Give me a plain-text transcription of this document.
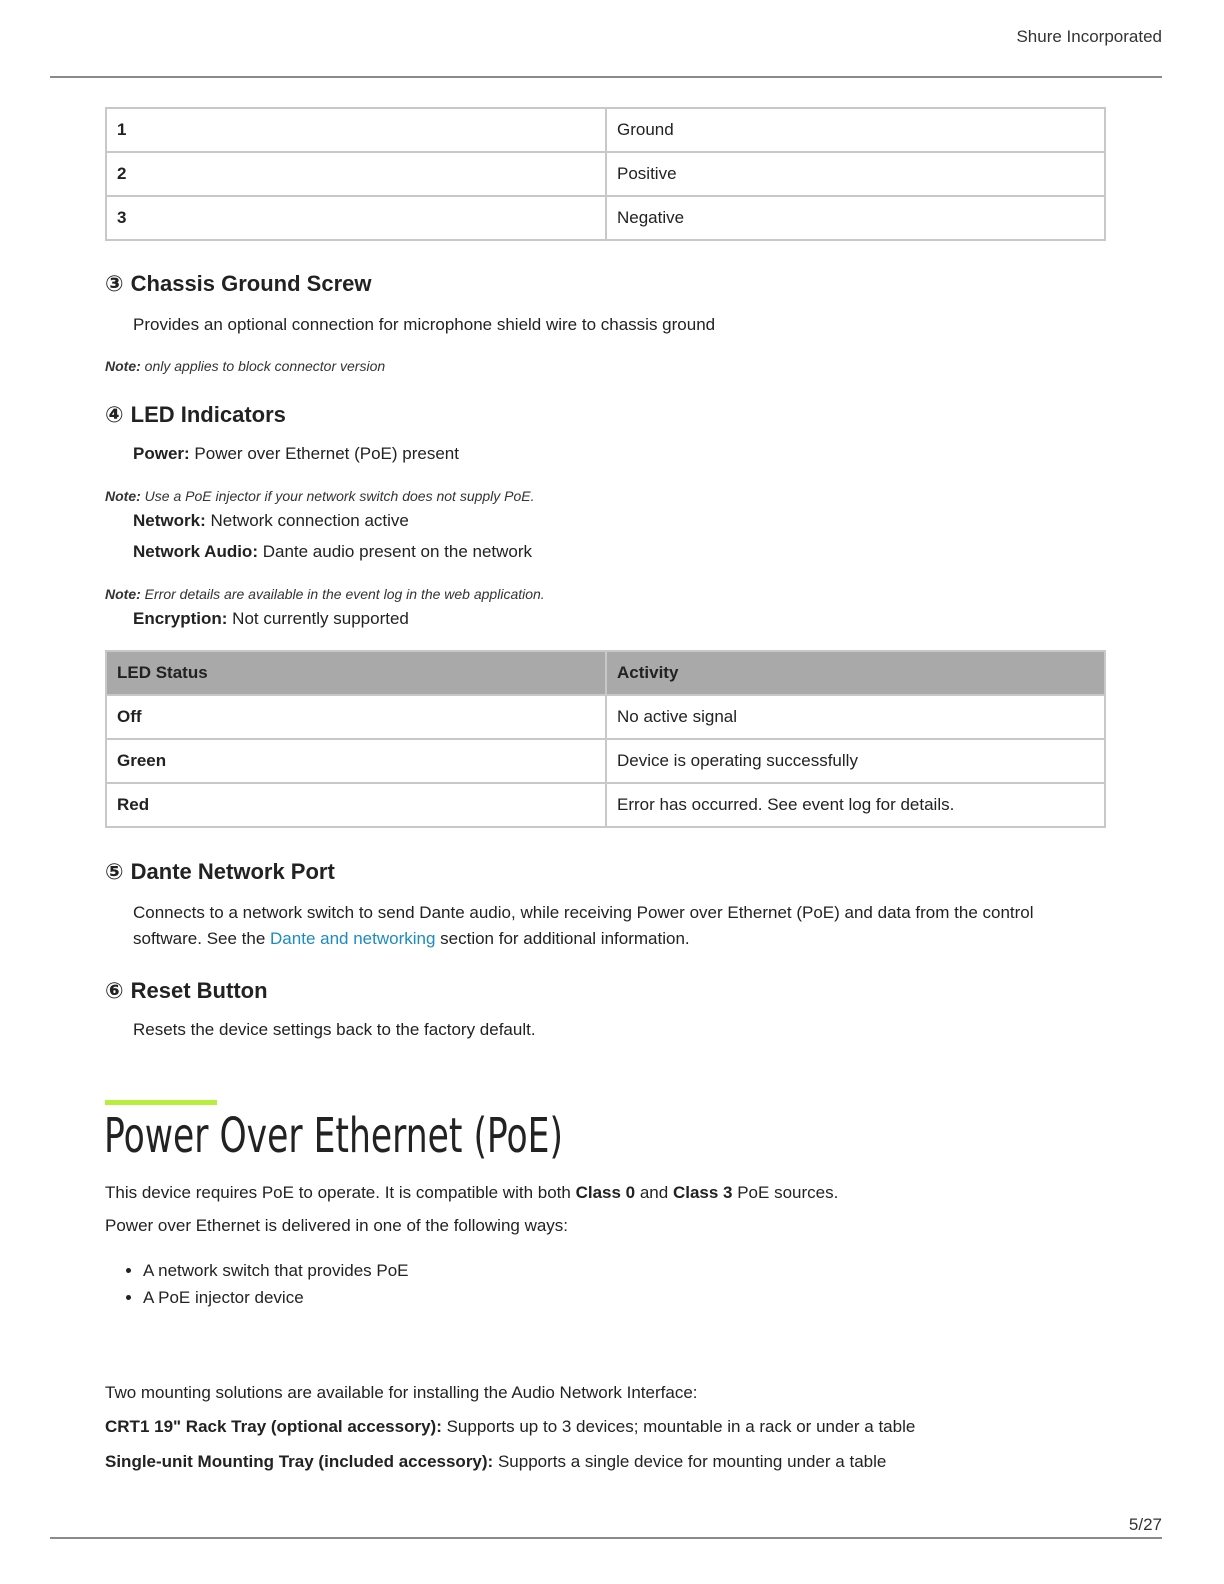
Shure Incorporated
1	Ground
2	Positive
3	Negative
③ Chassis Ground Screw
Provides an optional connection for microphone shield wire to chassis ground
Note: only applies to block connector version
④ LED Indicators
Power: Power over Ethernet (PoE) present
Note: Use a PoE injector if your network switch does not supply PoE.
Network: Network connection active
Network Audio: Dante audio present on the network
Note: Error details are available in the event log in the web application.
Encryption: Not currently supported
LED Status	Activity
Off	No active signal
Green	Device is operating successfully
Red	Error has occurred. See event log for details.
⑤ Dante Network Port
Connects to a network switch to send Dante audio, while receiving Power over Ethernet (PoE) and data from the control
software. See the Dante and networking section for additional information.
⑥ Reset Button
Resets the device settings back to the factory default.
Power Over Ethernet (PoE)
This device requires PoE to operate. It is compatible with both Class 0 and Class 3 PoE sources.
Power over Ethernet is delivered in one of the following ways:
• A network switch that provides PoE
• A PoE injector device
Two mounting solutions are available for installing the Audio Network Interface:
CRT1 19" Rack Tray (optional accessory): Supports up to 3 devices; mountable in a rack or under a table
Single-unit Mounting Tray (included accessory): Supports a single device for mounting under a table
5/27
